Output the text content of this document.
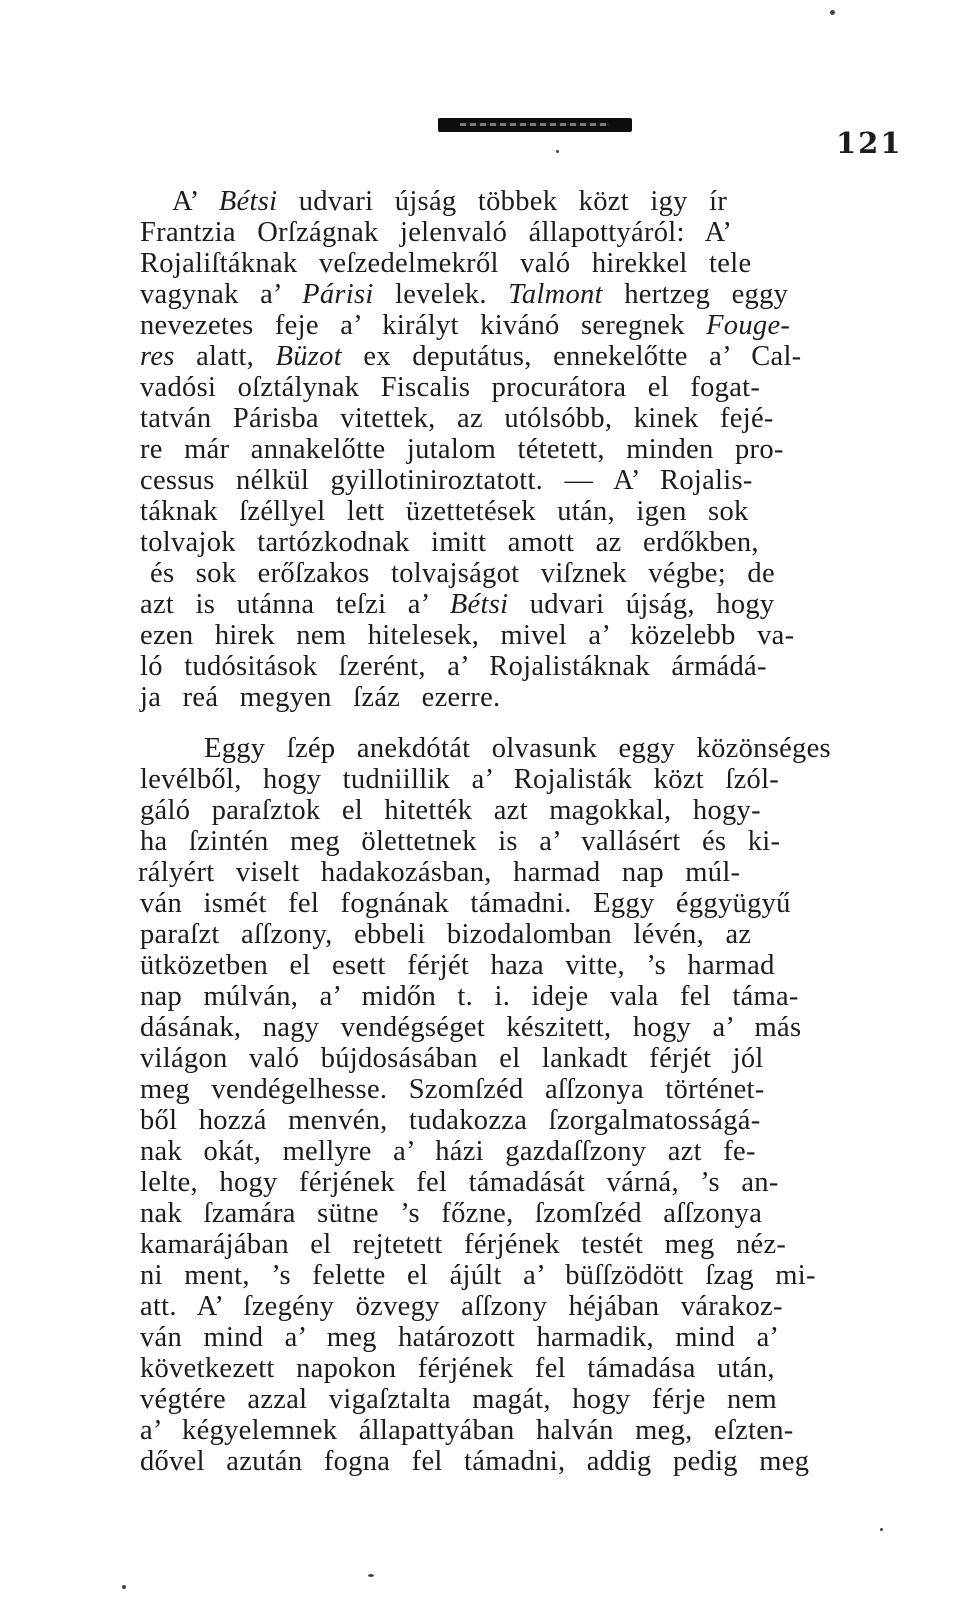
121
A’ Bétsi udvari újság többek közt igy ír
Frantzia Orſzágnak jelenvaló állapottyáról: A’
Rojaliſtáknak veſzedelmekről való hirekkel tele
vagynak a’ Párisi levelek. Talmont hertzeg eggy
nevezetes feje a’ királyt kivánó seregnek Fouge-
res alatt, Büzot ex deputátus, ennekelőtte a’ Cal-
vadósi oſztálynak Fiscalis procurátora el fogat-
tatván Párisba vitettek, az utólsóbb, kinek fejé-
re már annakelőtte jutalom tétetett, minden pro-
cessus nélkül gyillotiniroztatott. — A’ Rojalis-
táknak ſzéllyel lett üzettetések után, igen sok
tolvajok tartózkodnak imitt amott az erdőkben,
és sok erőſzakos tolvajságot viſznek végbe; de
azt is utánna teſzi a’ Bétsi udvari újság, hogy
ezen hirek nem hitelesek, mivel a’ közelebb va-
ló tudósitások ſzerént, a’ Rojalistáknak ármádá-
ja reá megyen ſzáz ezerre.
Eggy ſzép anekdótát olvasunk eggy közönséges
levélből, hogy tudniillik a’ Rojalisták közt ſzól-
gáló paraſztok el hitették azt magokkal, hogy-
ha ſzintén meg ölettetnek is a’ vallásért és ki-
rályért viselt hadakozásban, harmad nap múl-
ván ismét fel fognának támadni. Eggy éggyügyű
paraſzt aſſzony, ebbeli bizodalomban lévén, az
ütközetben el esett férjét haza vitte, ’s harmad
nap múlván, a’ midőn t. i. ideje vala fel táma-
dásának, nagy vendégséget készitett, hogy a’ más
világon való bújdosásában el lankadt férjét jól
meg vendégelhesse. Szomſzéd aſſzonya történet-
ből hozzá menvén, tudakozza ſzorgalmatosságá-
nak okát, mellyre a’ házi gazdaſſzony azt fe-
lelte, hogy férjének fel támadását várná, ’s an-
nak ſzamára sütne ’s főzne, ſzomſzéd aſſzonya
kamarájában el rejtetett férjének testét meg néz-
ni ment, ’s felette el ájúlt a’ büſſzödött ſzag mi-
att. A’ ſzegény özvegy aſſzony héjában várakoz-
ván mind a’ meg határozott harmadik, mind a’
következett napokon férjének fel támadása után,
végtére azzal vigaſztalta magát, hogy férje nem
a’ kégyelemnek állapattyában halván meg, eſzten-
dővel azután fogna fel támadni, addig pedig meg
